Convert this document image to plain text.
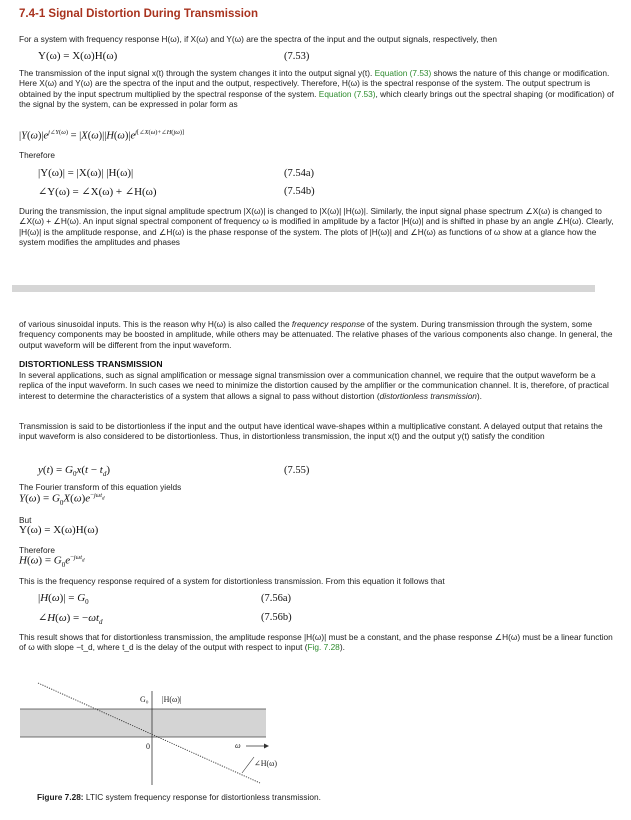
7.4-1 Signal Distortion During Transmission

For a system with frequency response H(ω), if X(ω) and Y(ω) are the spectra of the input and the output signals, respectively, then

Y(ω) = X(ω)H(ω)	(7.53)

The transmission of the input signal x(t) through the system changes it into the output signal y(t). Equation (7.53) shows the nature of this change or modification. Here X(ω) and Y(ω) are the spectra of the input and the output, respectively. Therefore, H(ω) is the spectral response of the system. The output spectrum is obtained by the input spectrum multiplied by the spectral response of the system. Equation (7.53), which clearly brings out the spectral shaping (or modification) of the signal by the system, can be expressed in polar form as

$|Y(\omega)|e^{j\angle Y(\omega)} = |X(\omega)||H(\omega)|e^{j[\angle X(\omega)+\angle H(j\omega)]}$

Therefore

|Y(ω)| = |X(ω)| |H(ω)|	(7.54a)
∠Y(ω) = ∠X(ω) + ∠H(ω)	(7.54b)

During the transmission, the input signal amplitude spectrum |X(ω)| is changed to |X(ω)| |H(ω)|. Similarly, the input signal phase spectrum ∠X(ω) is changed to ∠X(ω) + ∠H(ω). An input signal spectral component of frequency ω is modified in amplitude by a factor |H(ω)| and is shifted in phase by an angle ∠H(ω). Clearly, |H(ω)| is the amplitude response, and ∠H(ω) is the phase response of the system. The plots of |H(ω)| and ∠H(ω) as functions of ω show at a glance how the system modifies the amplitudes and phases

of various sinusoidal inputs. This is the reason why H(ω) is also called the frequency response of the system. During transmission through the system, some frequency components may be boosted in amplitude, while others may be attenuated. The relative phases of the various components also change. In general, the output waveform will be different from the input waveform.

DISTORTIONLESS TRANSMISSION

In several applications, such as signal amplification or message signal transmission over a communication channel, we require that the output waveform be a replica of the input waveform. In such cases we need to minimize the distortion caused by the amplifier or the communication channel. It is, therefore, of practical interest to determine the characteristics of a system that allows a signal to pass without distortion (distortionless transmission).

Transmission is said to be distortionless if the input and the output have identical wave-shapes within a multiplicative constant. A delayed output that retains the input waveform is also considered to be distortionless. Thus, in distortionless transmission, the input x(t) and the output y(t) satisfy the condition

$y(t) = G_0x(t - t_d)$	(7.55)

The Fourier transform of this equation yields

$Y(\omega) = G_0X(\omega)e^{-j\omega t_d}$

But

Y(ω) = X(ω)H(ω)

Therefore

$H(\omega) = G_0e^{-j\omega t_d}$

This is the frequency response required of a system for distortionless transmission. From this equation it follows that

$|H(\omega)| = G_0$	(7.56a)
∠H(ω) = $-\omega t_d$	(7.56b)

This result shows that for distortionless transmission, the amplitude response |H(ω)| must be a constant, and the phase response ∠H(ω) must be a linear function of ω with slope −t_d, where t_d is the delay of the output with respect to input (Fig. 7.28).

G₀ |H(ω)|
0	ω
∠H(ω)
Figure 7.28: LTIC system frequency response for distortionless transmission.
